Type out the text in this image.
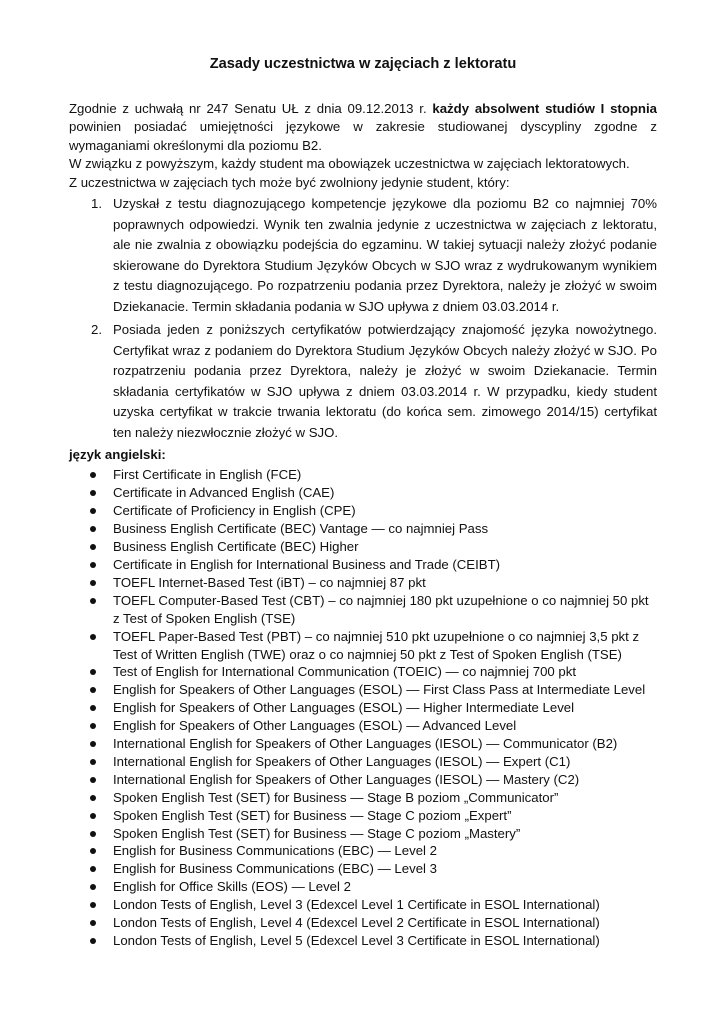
Zasady uczestnictwa w zajęciach z lektoratu

Zgodnie z uchwałą nr 247 Senatu UŁ z dnia 09.12.2013 r. każdy absolwent studiów I stopnia powinien posiadać umiejętności językowe w zakresie studiowanej dyscypliny zgodne z wymaganiami określonymi dla poziomu B2.

W związku z powyższym, każdy student ma obowiązek uczestnictwa w zajęciach lektoratowych.

Z uczestnictwa w zajęciach tych może być zwolniony jedynie student, który:

1. Uzyskał z testu diagnozującego kompetencje językowe dla poziomu B2 co najmniej 70% poprawnych odpowiedzi. Wynik ten zwalnia jedynie z uczestnictwa w zajęciach z lektoratu, ale nie zwalnia z obowiązku podejścia do egzaminu. W takiej sytuacji należy złożyć podanie skierowane do Dyrektora Studium Języków Obcych w SJO wraz z wydrukowanym wynikiem z testu diagnozującego. Po rozpatrzeniu podania przez Dyrektora, należy je złożyć w swoim Dziekanacie. Termin składania podania w SJO upływa z dniem 03.03.2014 r.
2. Posiada jeden z poniższych certyfikatów potwierdzający znajomość języka nowożytnego. Certyfikat wraz z podaniem do Dyrektora Studium Języków Obcych należy złożyć w SJO. Po rozpatrzeniu podania przez Dyrektora, należy je złożyć w swoim Dziekanacie. Termin składania certyfikatów w SJO upływa z dniem 03.03.2014 r. W przypadku, kiedy student uzyska certyfikat w trakcie trwania lektoratu (do końca sem. zimowego 2014/15) certyfikat ten należy niezwłocznie złożyć w SJO.

język angielski:

First Certificate in English (FCE)
Certificate in Advanced English (CAE)
Certificate of Proficiency in English (CPE)
Business English Certificate (BEC) Vantage — co najmniej Pass
Business English Certificate (BEC) Higher
Certificate in English for International Business and Trade (CEIBT)
TOEFL Internet-Based Test (iBT) – co najmniej 87 pkt
TOEFL Computer-Based Test (CBT) – co najmniej 180 pkt uzupełnione o co najmniej 50 pkt z Test of Spoken English (TSE)
TOEFL Paper-Based Test (PBT) – co najmniej 510 pkt uzupełnione o co najmniej 3,5 pkt z Test of Written English (TWE) oraz o co najmniej 50 pkt z Test of Spoken English (TSE)
Test of English for International Communication (TOEIC) — co najmniej 700 pkt
English for Speakers of Other Languages (ESOL) — First Class Pass at Intermediate Level
English for Speakers of Other Languages (ESOL) — Higher Intermediate Level
English for Speakers of Other Languages (ESOL) — Advanced Level
International English for Speakers of Other Languages (IESOL) — Communicator (B2)
International English for Speakers of Other Languages (IESOL) — Expert (C1)
International English for Speakers of Other Languages (IESOL) — Mastery (C2)
Spoken English Test (SET) for Business — Stage B poziom „Communicator”
Spoken English Test (SET) for Business — Stage C poziom „Expert”
Spoken English Test (SET) for Business — Stage C poziom „Mastery”
English for Business Communications (EBC) — Level 2
English for Business Communications (EBC) — Level 3
English for Office Skills (EOS) — Level 2
London Tests of English, Level 3 (Edexcel Level 1 Certificate in ESOL International)
London Tests of English, Level 4 (Edexcel Level 2 Certificate in ESOL International)
London Tests of English, Level 5 (Edexcel Level 3 Certificate in ESOL International)
